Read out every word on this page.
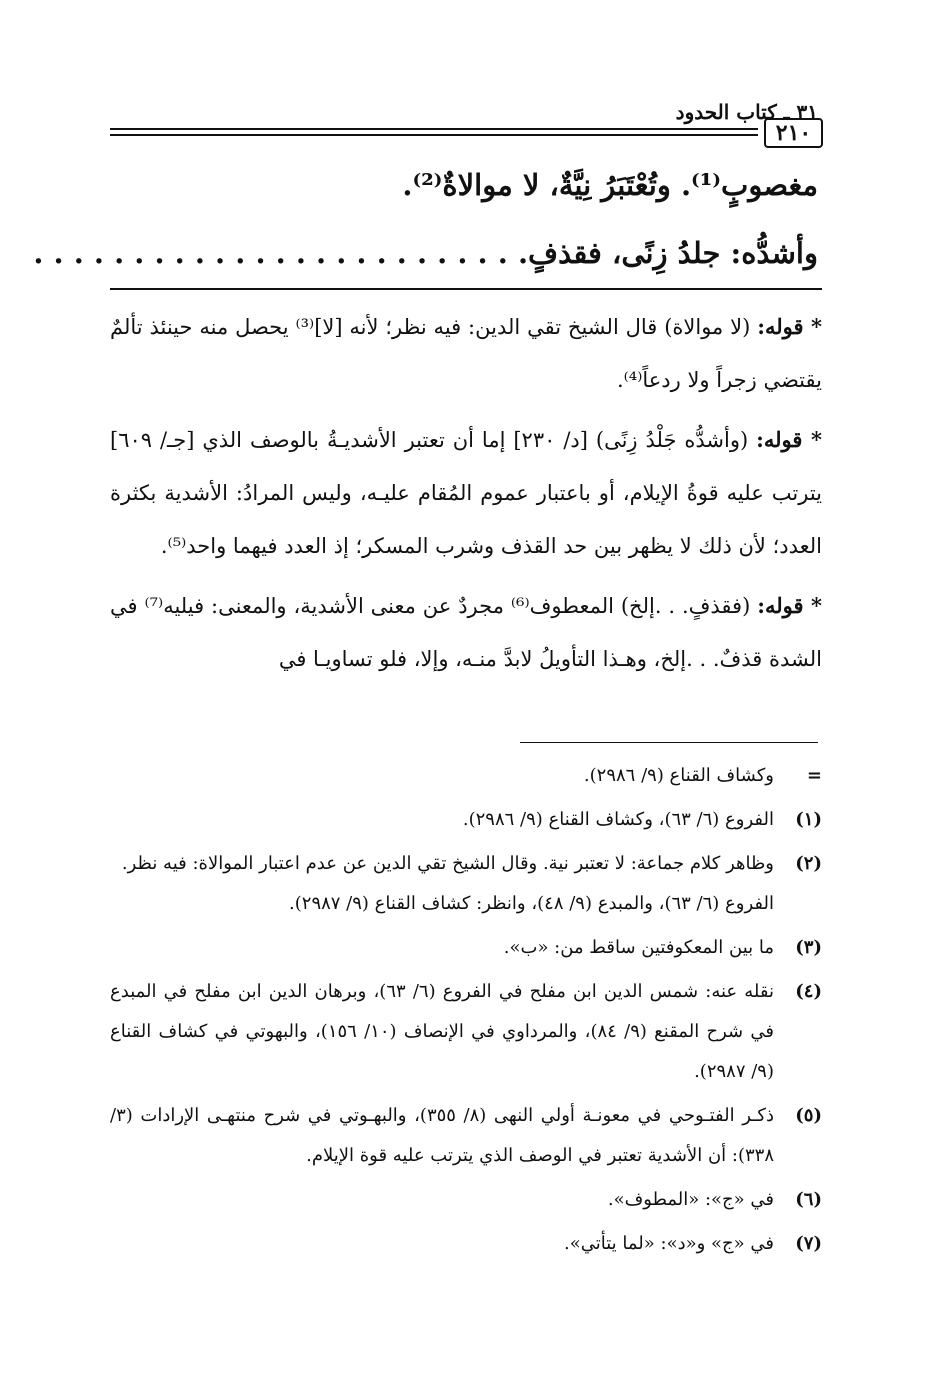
٢١٠
٣١ ـ كتاب الحدود
مغصوبٍ⁽¹⁾. وتُعْتَبَرُ نِيَّةٌ، لا موالاةٌ⁽²⁾.
وأشدُّه: جلدُ زِنًى، فقذفٍ. . . . . . . . . . . . . . . . . . . . . . . . .

* قوله: (لا موالاة) قال الشيخ تقي الدين: فيه نظر؛ لأنه [لا]⁽³⁾ يحصل منه حينئذ تألمٌ يقتضي زجراً ولا ردعاً⁽⁴⁾.

* قوله: (وأشدُّه جَلْدُ زِنًى) [د/ ٢٣٠] إما أن تعتبر الأشديـةُ بالوصف الذي [جـ/ ٦٠٩] يترتب عليه قوةُ الإيلام، أو باعتبار عموم المُقام عليـه، وليس المرادُ: الأشدية بكثرة العدد؛ لأن ذلك لا يظهر بين حد القذف وشرب المسكر؛ إذ العدد فيهما واحد⁽⁵⁾.

* قوله: (فقذفٍ. . .إلخ) المعطوف⁽⁶⁾ مجردٌ عن معنى الأشدية، والمعنى: فيليه⁽⁷⁾ في الشدة قذفٌ. . .إلخ، وهـذا التأويلُ لابدَّ منـه، وإلا، فلو تساويـا في

=
وكشاف القناع (٩/ ٢٩٨٦).
(١)
الفروع (٦/ ٦٣)، وكشاف القناع (٩/ ٢٩٨٦).
(٢)
وظاهر كلام جماعة: لا تعتبر نية. وقال الشيخ تقي الدين عن عدم اعتبار الموالاة: فيه نظر.
الفروع (٦/ ٦٣)، والمبدع (٩/ ٤٨)، وانظر: كشاف القناع (٩/ ٢٩٨٧).
(٣)
ما بين المعكوفتين ساقط من: «ب».
(٤)
نقله عنه: شمس الدين ابن مفلح في الفروع (٦/ ٦٣)، وبرهان الدين ابن مفلح في المبدع في شرح المقنع (٩/ ٨٤)، والمرداوي في الإنصاف (١٠/ ١٥٦)، والبهوتي في كشاف القناع (٩/ ٢٩٨٧).
(٥)
ذكـر الفتـوحي في معونـة أولي النهى (٨/ ٣٥٥)، والبهـوتي في شرح منتهـى الإرادات (٣/ ٣٣٨): أن الأشدية تعتبر في الوصف الذي يترتب عليه قوة الإيلام.
(٦)
في «ج»: «المطوف».
(٧)
في «ج» و«د»: «لما يتأتي».
